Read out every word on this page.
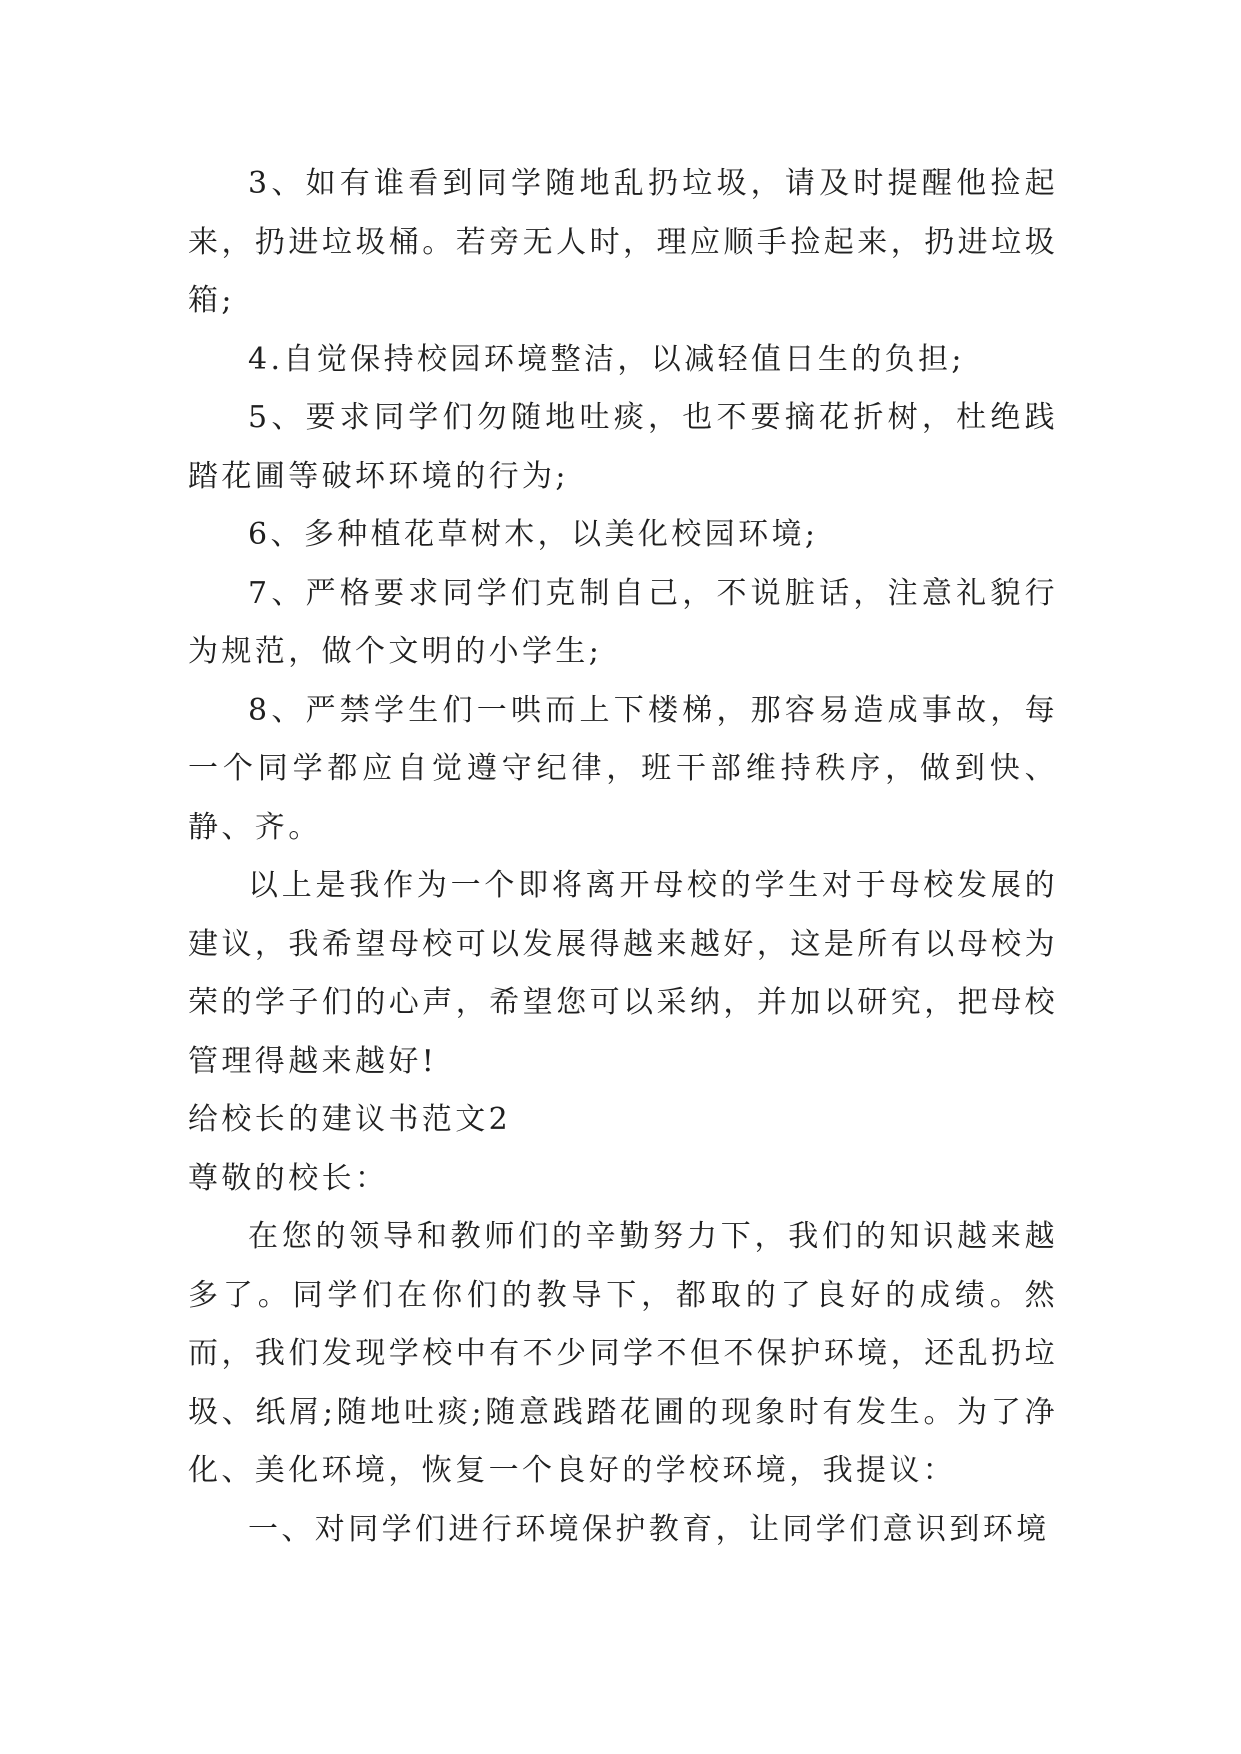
3、如有谁看到同学随地乱扔垃圾，请及时提醒他捡起来，扔进垃圾桶。若旁无人时，理应顺手捡起来，扔进垃圾箱;

4.自觉保持校园环境整洁，以减轻值日生的负担;

5、要求同学们勿随地吐痰，也不要摘花折树，杜绝践踏花圃等破坏环境的行为;

6、多种植花草树木，以美化校园环境;

7、严格要求同学们克制自己，不说脏话，注意礼貌行为规范，做个文明的小学生;

8、严禁学生们一哄而上下楼梯，那容易造成事故，每一个同学都应自觉遵守纪律，班干部维持秩序，做到快、静、齐。

以上是我作为一个即将离开母校的学生对于母校发展的建议，我希望母校可以发展得越来越好，这是所有以母校为荣的学子们的心声，希望您可以采纳，并加以研究，把母校管理得越来越好!

给校长的建议书范文2

尊敬的校长：

在您的领导和教师们的辛勤努力下，我们的知识越来越多了。同学们在你们的教导下，都取的了良好的成绩。然而，我们发现学校中有不少同学不但不保护环境，还乱扔垃圾、纸屑;随地吐痰;随意践踏花圃的现象时有发生。为了净化、美化环境，恢复一个良好的学校环境，我提议：

一、对同学们进行环境保护教育，让同学们意识到环境
